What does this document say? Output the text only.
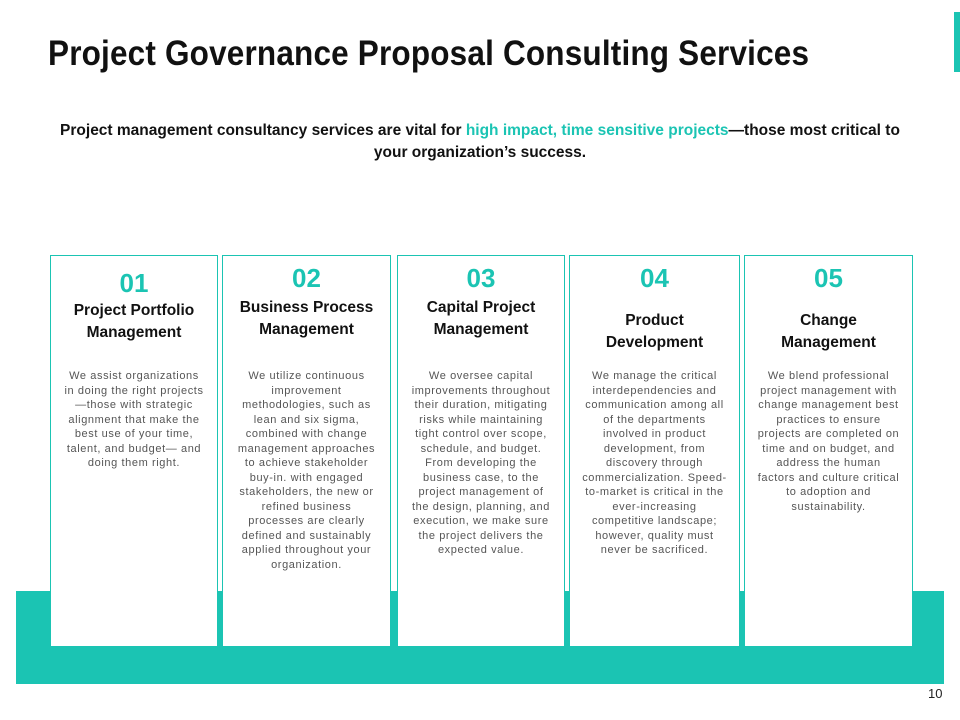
Project Governance Proposal Consulting Services

Project management consultancy services are vital for high impact, time sensitive projects—those most critical to your organization’s success.

01
Project Portfolio Management
We assist organizations in doing the right projects—those with strategic alignment that make the best use of your time, talent, and budget— and doing them right.
02
Business Process Management
We utilize continuous improvement methodologies, such as lean and six sigma, combined with change management approaches to achieve stakeholder buy-in. with engaged stakeholders, the new or refined business processes are clearly defined and sustainably applied throughout your organization.
03
Capital Project Management
We oversee capital improvements throughout their duration, mitigating risks while maintaining tight control over scope, schedule, and budget. From developing the business case, to the project management of the design, planning, and execution, we make sure the project delivers the expected value.
04
Product Development
We manage the critical interdependencies and communication among all of the departments involved in product development, from discovery through commercialization. Speed-to-market is critical in the ever-increasing competitive landscape; however, quality must never be sacrificed.
05
Change Management
We blend professional project management with change management best practices to ensure projects are completed on time and on budget, and address the human factors and culture critical to adoption and sustainability.
10
